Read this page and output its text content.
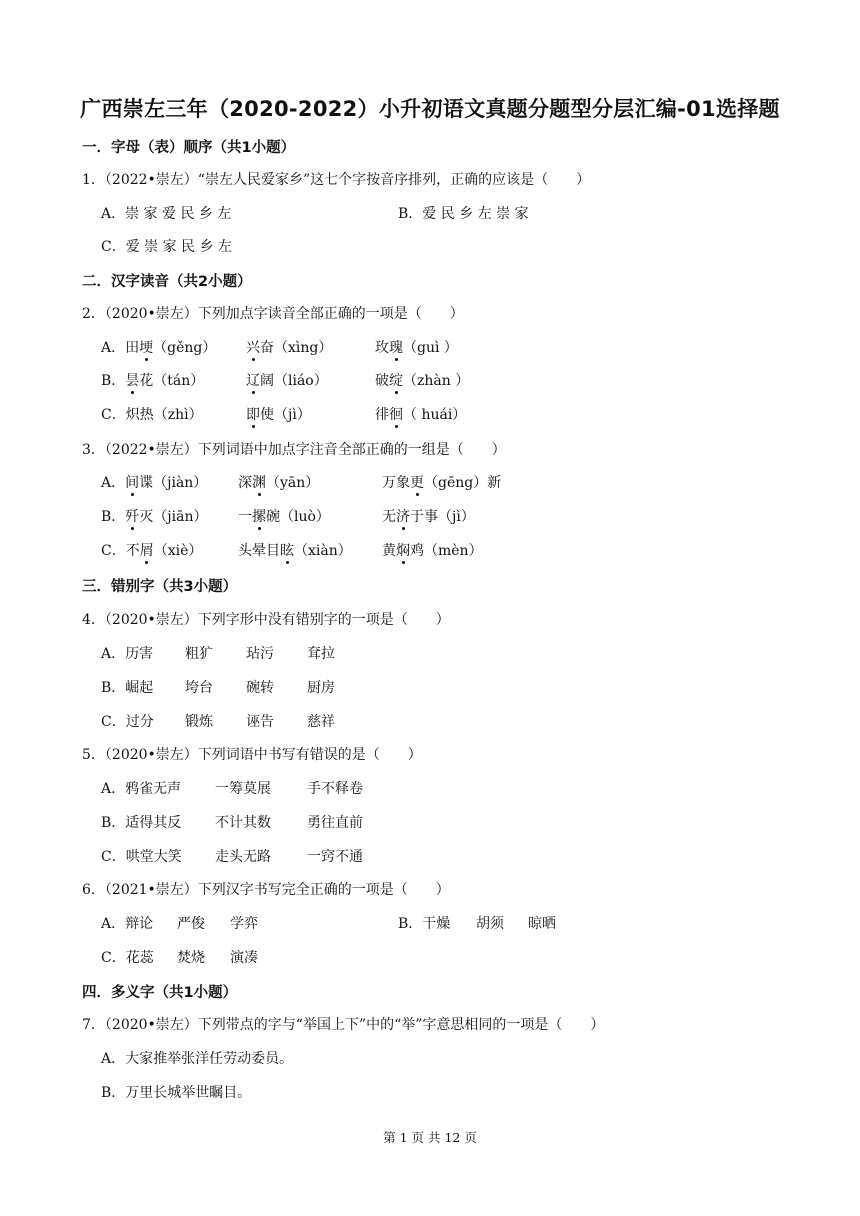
广西崇左三年（2020-2022）小升初语文真题分题型分层汇编-01选择题
一．字母（表）顺序（共1小题）
1．（2022•崇左）“崇左人民爱家乡”这七个字按音序排列，正确的应该是（　　）
A．崇 家 爱 民 乡 左	B．爱 民 乡 左 崇 家
C．爱 崇 家 民 乡 左
二．汉字读音（共2小题）
2．（2020•崇左）下列加点字读音全部正确的一项是（　　）
A．田埂（gěng） 兴奋（xìng）	玫瑰（guì ）
B．昙花（tán）	辽阔（liáo）	破绽（zhàn ）
C．炽热（zhì）	即使（jì）	徘徊（ huái）
3．（2022•崇左）下列词语中加点字注音全部正确的一组是（　　）
A．间谍（jiàn） 深渊（yān）	万象更（gēng）新
B．歼灭（jiān） 一摞碗（luò）	无济于事（jì）
C．不屑（xiè）	头晕目眩（xiàn） 黄焖鸡（mèn）
三．错别字（共3小题）
4．（2020•崇左）下列字形中没有错别字的一项是（　　）
A．历害 粗犷 玷污 耷拉
B．崛起 垮台 碗转 厨房
C．过分 锻炼 诬告 慈祥
5．（2020•崇左）下列词语中书写有错误的是（　　）
A．鸦雀无声 一筹莫展	手不释卷
B．适得其反 不计其数	勇往直前
C．哄堂大笑 走头无路	一窍不通
6．（2021•崇左）下列汉字书写完全正确的一项是（　　）
A．辩论 严俊 学弈	B．干燥 胡须 晾晒
C．花蕊 焚烧 演凑
四．多义字（共1小题）
7．（2020•崇左）下列带点的字与“举国上下”中的“举”字意思相同的一项是（　　）
A．大家推举张洋任劳动委员。
B．万里长城举世瞩目。
第 1 页 共 12 页
